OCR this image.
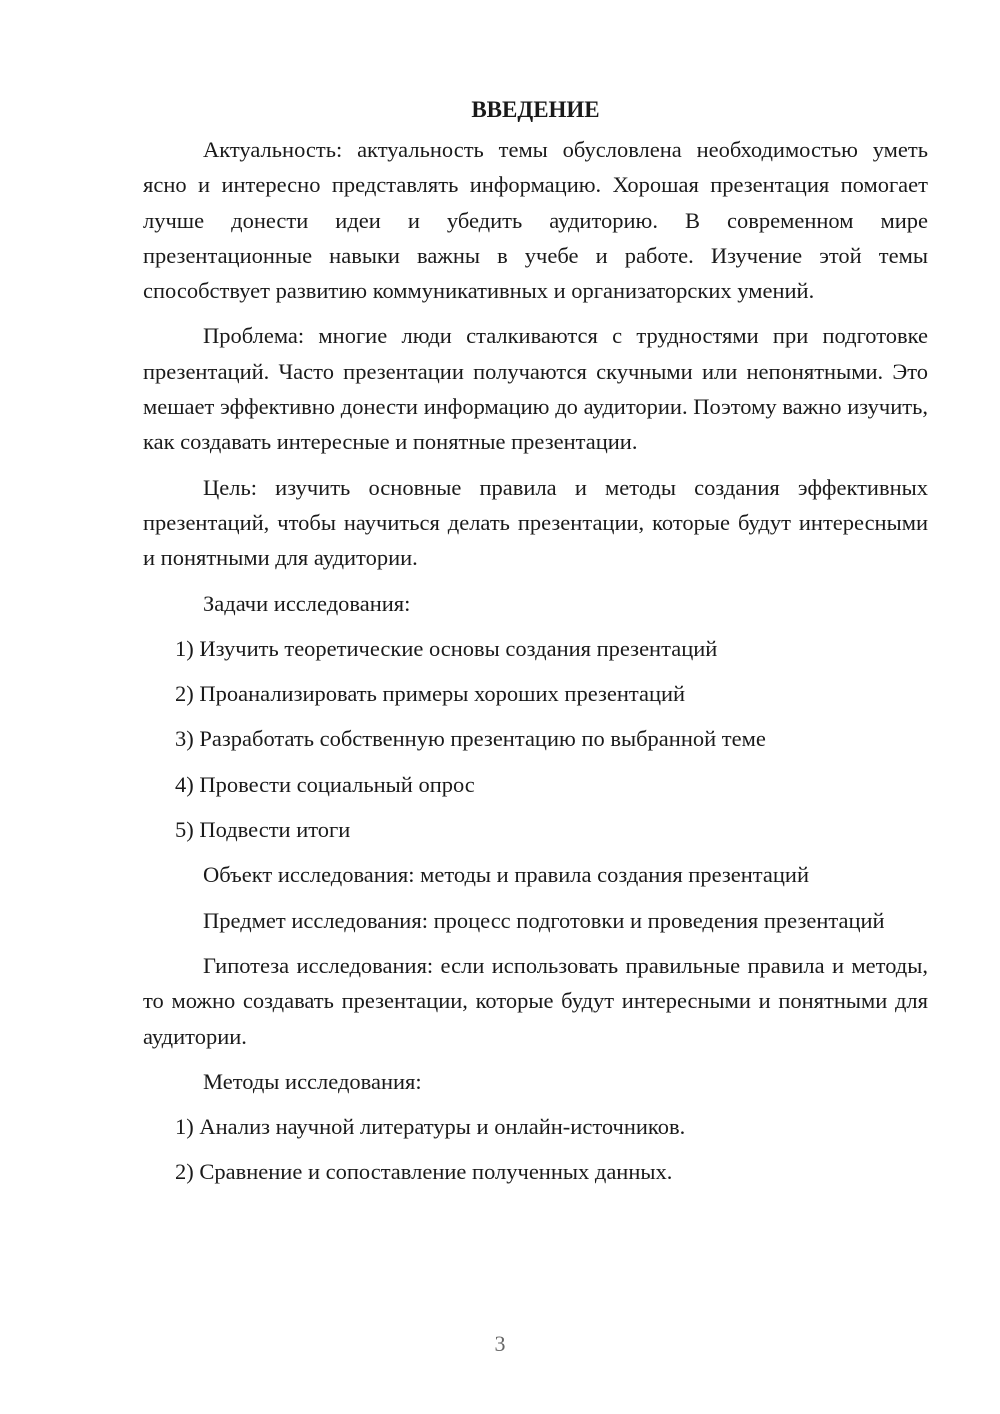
ВВЕДЕНИЕ

Актуальность: актуальность темы обусловлена необходимостью уметь ясно и интересно представлять информацию. Хорошая презентация помогает лучше донести идеи и убедить аудиторию. В современном мире презентационные навыки важны в учебе и работе. Изучение этой темы способствует развитию коммуникативных и организаторских умений.

Проблема: многие люди сталкиваются с трудностями при подготовке презентаций. Часто презентации получаются скучными или непонятными. Это мешает эффективно донести информацию до аудитории. Поэтому важно изучить, как создавать интересные и понятные презентации.

Цель: изучить основные правила и методы создания эффективных презентаций, чтобы научиться делать презентации, которые будут интересными и понятными для аудитории.

Задачи исследования:
1) Изучить теоретические основы создания презентаций
2) Проанализировать примеры хороших презентаций
3) Разработать собственную презентацию по выбранной теме
4) Провести социальный опрос
5) Подвести итоги
Объект исследования: методы и правила создания презентаций

Предмет исследования: процесс подготовки и проведения презентаций

Гипотеза исследования: если использовать правильные правила и методы, то можно создавать презентации, которые будут интересными и понятными для аудитории.

Методы исследования:
1) Анализ научной литературы и онлайн-источников.
2) Сравнение и сопоставление полученных данных.
3
